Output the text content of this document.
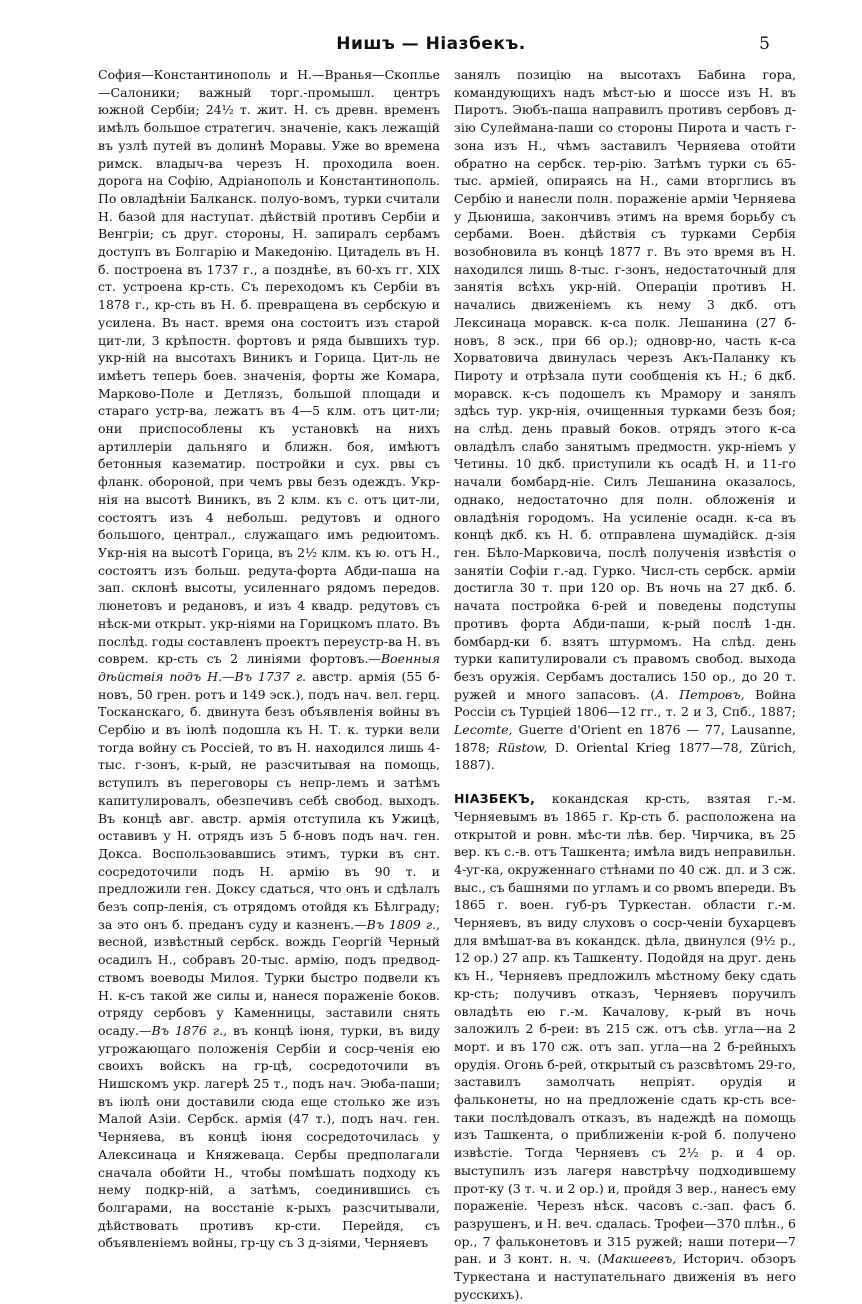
Нишъ — Ніазбекъ.	5

София—Константинополь и Н.—Вранья—Скоплье—Салоники; важный торг.-промышл. центръ южной Сербіи; 24½ т. жит. Н. съ древн. временъ имѣлъ большое стратегич. значеніе, какъ лежащій въ узлѣ путей въ долинѣ Моравы. Уже во времена римск. владыч-ва черезъ Н. проходила воен. дорога на Софію, Адріанополь и Константинополь. По овладѣніи Балканск. полуо-вомъ, турки считали Н. базой для наступат. дѣйствій противъ Сербіи и Венгріи; съ друг. стороны, Н. запиралъ сербамъ доступъ въ Болгарію и Македонію. Цитадель въ Н. б. построена въ 1737 г., а позднѣе, въ 60-хъ гг. XIX ст. устроена кр-сть. Съ переходомъ къ Сербіи въ 1878 г., кр-сть въ Н. б. превращена въ сербскую и усилена. Въ наст. время она состоитъ изъ старой цит-ли, 3 крѣпостн. фортовъ и ряда бывшихъ тур. укр-ній на высотахъ Виникъ и Горица. Цит-ль не имѣетъ теперь боев. значенія, форты же Комара, Марково-Поле и Детлязъ, большой площади и стараго устр-ва, лежатъ въ 4—5 клм. отъ цит-ли; они приспособлены къ установкѣ на нихъ артиллеріи дальняго и ближн. боя, имѣютъ бетонныя казематир. постройки и сух. рвы съ фланк. обороной, при чемъ рвы безъ одеждъ. Укр-нія на высотѣ Виникъ, въ 2 клм. къ с. отъ цит-ли, состоятъ изъ 4 небольш. редутовъ и одного большого, централ., служащаго имъ редюитомъ. Укр-нія на высотѣ Горица, въ 2½ клм. къ ю. отъ Н., состоятъ изъ больш. редута-форта Абди-паша на зап. склонѣ высоты, усиленнаго рядомъ передов. люнетовъ и редановъ, и изъ 4 квадр. редутовъ съ нѣск-ми открыт. укр-ніями на Горицкомъ плато. Въ послѣд. годы составленъ проектъ переустр-ва Н. въ соврем. кр-сть съ 2 линіями фортовъ.—Военныя дѣйствія подъ Н.—Въ 1737 г. австр. армія (55 б-новъ, 50 грен. ротъ и 149 эск.), подъ нач. вел. герц. Тосканскаго, б. двинута безъ объявленія войны въ Сербію и въ іюлѣ подошла къ Н. Т. к. турки вели тогда войну съ Россіей, то въ Н. находился лишь 4-тыс. г-зонъ, к-рый, не разсчитывая на помощь, вступилъ въ переговоры съ непр-лемъ и затѣмъ капитулировалъ, обезпечивъ себѣ свобод. выходъ. Въ концѣ авг. австр. армія отступила къ Ужицѣ, оставивъ у Н. отрядъ изъ 5 б-новъ подъ нач. ген. Докса. Воспользовавшись этимъ, турки въ снт. сосредоточили подъ Н. армію въ 90 т. и предложили ген. Доксу сдаться, что онъ и сдѣлалъ безъ сопр-ленія, съ отрядомъ отойдя къ Бѣлграду; за это онъ б. преданъ суду и казненъ.—Въ 1809 г., весной, извѣстный сербск. вождь Георгій Черный осадилъ Н., собравъ 20-тыс. армію, подъ предвод-ствомъ воеводы Милоя. Турки быстро подвели къ Н. к-съ такой же силы и, нанеся пораженіе боков. отряду сербовъ у Каменницы, заставили снять осаду.—Въ 1876 г., въ концѣ іюня, турки, въ виду угрожающаго положенія Сербіи и соср-ченія ею своихъ войскъ на гр-цѣ, сосредоточили въ Нишскомъ укр. лагерѣ 25 т., подъ нач. Эюба-паши; въ іюлѣ они доставили сюда еще столько же изъ Малой Азіи. Сербск. армія (47 т.), подъ нач. ген. Черняева, въ концѣ іюня сосредоточилась у Алексинаца и Княжеваца. Сербы предполагали сначала обойти Н., чтобы помѣшать подходу къ нему подкр-ній, а затѣмъ, соединившись съ болгарами, на восстаніе к-рыхъ разсчитывали, дѣйствовать противъ кр-сти. Перейдя, съ объявленіемъ войны, гр-цу съ 3 д-зіями, Черняевъ

занялъ позицію на высотахъ Бабина гора, командующихъ надъ мѣст-ью и шоссе изъ Н. въ Пиротъ. Эюбъ-паша направилъ противъ сербовъ д-зію Сулеймана-паши со стороны Пирота и часть г-зона изъ Н., чѣмъ заставилъ Черняева отойти обратно на сербск. тер-рію. Затѣмъ турки съ 65-тыс. арміей, опираясь на Н., сами вторглись въ Сербію и нанесли полн. пораженіе арміи Черняева у Дьюниша, закончивъ этимъ на время борьбу съ сербами. Воен. дѣйствія съ турками Сербія возобновила въ концѣ 1877 г. Въ это время въ Н. находился лишь 8-тыс. г-зонъ, недостаточный для занятія всѣхъ укр-ній. Операціи противъ Н. начались движеніемъ къ нему 3 дкб. отъ Лексинаца моравск. к-са полк. Лешанина (27 б-новъ, 8 эск., при 66 ор.); одновр-но, часть к-са Хорватовича двинулась черезъ Акъ-Паланку къ Пироту и отрѣзала пути сообщенія къ Н.; 6 дкб. моравск. к-съ подошелъ къ Мрамору и занялъ здѣсь тур. укр-нія, очищенныя турками безъ боя; на слѣд. день правый боков. отрядъ этого к-са овладѣлъ слабо занятымъ предмостн. укр-ніемъ у Четины. 10 дкб. приступили къ осадѣ Н. и 11-го начали бомбард-ніе. Силъ Лешанина оказалось, однако, недостаточно для полн. обложенія и овладѣнія городомъ. На усиленіе осадн. к-са въ концѣ дкб. къ Н. б. отправлена шумадійск. д-зія ген. Бѣло-Марковича, послѣ полученія извѣстія о занятіи Софіи г.-ад. Гурко. Числ-сть сербск. арміи достигла 30 т. при 120 ор. Въ ночь на 27 дкб. б. начата постройка 6-рей и поведены подступы противъ форта Абди-паши, к-рый послѣ 1-дн. бомбард-ки б. взятъ штурмомъ. На слѣд. день турки капитулировали съ правомъ свобод. выхода безъ оружія. Сербамъ достались 150 ор., до 20 т. ружей и много запасовъ. (А. Петровъ, Война Россіи съ Турціей 1806—12 гг., т. 2 и 3, Спб., 1887; Lecomte, Guerre d'Orient en 1876 — 77, Lausanne, 1878; Rüstow, D. Oriental Krieg 1877—78, Zürich, 1887).

НІАЗБЕКЪ, кокандская кр-сть, взятая г.-м. Черняевымъ въ 1865 г. Кр-сть б. расположена на открытой и ровн. мѣс-ти лѣв. бер. Чирчика, въ 25 вер. къ с.-в. отъ Ташкента; имѣла видъ неправильн. 4-уг-ка, окруженнаго стѣнами по 40 сж. дл. и 3 сж. выс., съ башнями по угламъ и со рвомъ впереди. Въ 1865 г. воен. губ-ръ Туркестан. области г.-м. Черняевъ, въ виду слуховъ о соср-ченіи бухарцевъ для вмѣшат-ва въ кокандск. дѣла, двинулся (9½ р., 12 ор.) 27 апр. къ Ташкенту. Подойдя на друг. день къ Н., Черняевъ предложилъ мѣстному беку сдать кр-сть; получивъ отказъ, Черняевъ поручилъ овладѣть ею г.-м. Качалову, к-рый въ ночь заложилъ 2 б-реи: въ 215 сж. отъ сѣв. угла—на 2 морт. и въ 170 сж. отъ зап. угла—на 2 б-рейныхъ орудія. Огонь б-рей, открытый съ разсвѣтомъ 29-го, заставилъ замолчать непріят. орудія и фальконеты, но на предложеніе сдать кр-сть все-таки послѣдовалъ отказъ, въ надеждѣ на помощь изъ Ташкента, о приближеніи к-рой б. получено извѣстіе. Тогда Черняевъ съ 2½ р. и 4 ор. выступилъ изъ лагеря навстрѣчу подходившему прот-ку (3 т. ч. и 2 ор.) и, пройдя 3 вер., нанесъ ему пораженіе. Черезъ нѣск. часовъ с.-зап. фасъ б. разрушенъ, и Н. веч. сдалась. Трофеи—370 плѣн., 6 ор., 7 фальконетовъ и 315 ружей; наши потери—7 ран. и 3 конт. н. ч. (Макшеевъ, Историч. обзоръ Туркестана и наступательнаго движенія въ него русскихъ).
